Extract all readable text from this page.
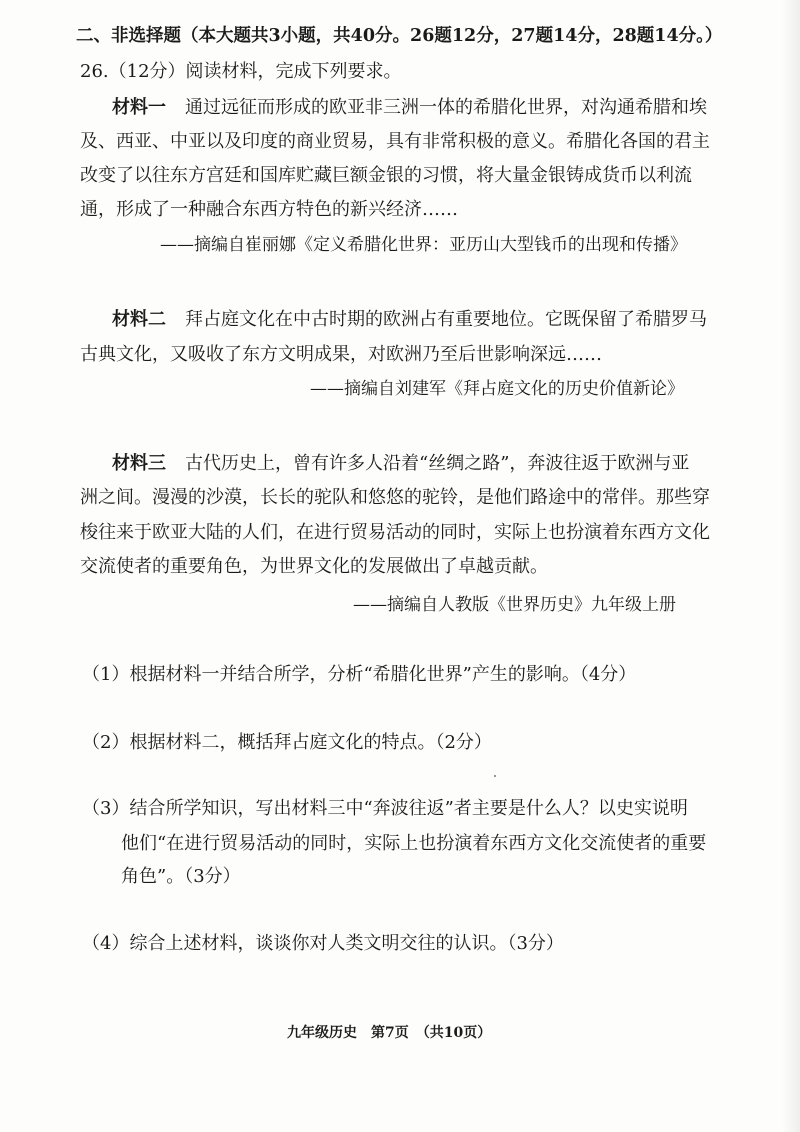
二、非选择题（本大题共3小题，共40分。26题12分，27题14分，28题14分。）
26.（12分）阅读材料，完成下列要求。
材料一 通过远征而形成的欧亚非三洲一体的希腊化世界，对沟通希腊和埃
及、西亚、中亚以及印度的商业贸易，具有非常积极的意义。希腊化各国的君主
改变了以往东方宫廷和国库贮藏巨额金银的习惯，将大量金银铸成货币以利流
通，形成了一种融合东西方特色的新兴经济……
——摘编自崔丽娜《定义希腊化世界：亚历山大型钱币的出现和传播》
材料二 拜占庭文化在中古时期的欧洲占有重要地位。它既保留了希腊罗马
古典文化，又吸收了东方文明成果，对欧洲乃至后世影响深远……
——摘编自刘建军《拜占庭文化的历史价值新论》
材料三 古代历史上，曾有许多人沿着“丝绸之路”，奔波往返于欧洲与亚
洲之间。漫漫的沙漠，长长的驼队和悠悠的驼铃，是他们路途中的常伴。那些穿
梭往来于欧亚大陆的人们，在进行贸易活动的同时，实际上也扮演着东西方文化
交流使者的重要角色，为世界文化的发展做出了卓越贡献。
——摘编自人教版《世界历史》九年级上册
（1）根据材料一并结合所学，分析“希腊化世界”产生的影响。（4分）
（2）根据材料二，概括拜占庭文化的特点。（2分）
（3）结合所学知识，写出材料三中“奔波往返”者主要是什么人？以史实说明
他们“在进行贸易活动的同时，实际上也扮演着东西方文化交流使者的重要
角色”。（3分）
（4）综合上述材料，谈谈你对人类文明交往的认识。（3分）
九年级历史　第7页　（共10页）
